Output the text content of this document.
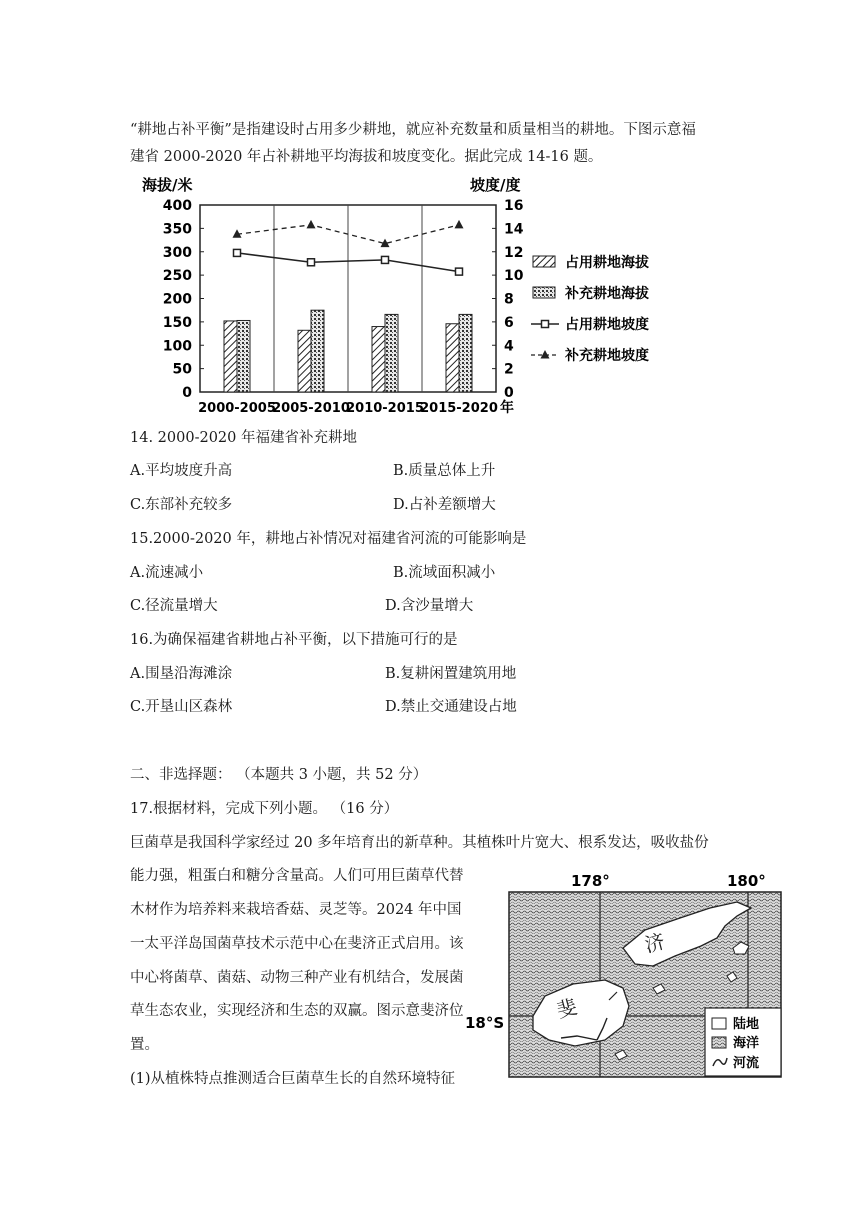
“耕地占补平衡”是指建设时占用多少耕地，就应补充数量和质量相当的耕地。下图示意福
建省 2000-2020 年占补耕地平均海拔和坡度变化。据此完成 14-16 题。
海拔/米	坡度/度
0
50
100
150
200
250
300
350
400
0
2
4
6
8
10
12
14
16
2000-2005
2005-2010
2010-2015
2015-2020 年
占用耕地海拔
补充耕地海拔
占用耕地坡度
补充耕地坡度
14. 2000-2020 年福建省补充耕地
A.平均坡度升高	B.质量总体上升
C.东部补充较多	D.占补差额增大
15.2000-2020 年，耕地占补情况对福建省河流的可能影响是
A.流速减小	B.流域面积减小
C.径流量增大	D.含沙量增大
16.为确保福建省耕地占补平衡，以下措施可行的是
A.围垦沿海滩涂	B.复耕闲置建筑用地
C.开垦山区森林	D.禁止交通建设占地
二、非选择题： （本题共 3 小题，共 52 分）
17.根据材料，完成下列小题。 （16 分）
巨菌草是我国科学家经过 20 多年培育出的新草种。其植株叶片宽大、根系发达，吸收盐份
能力强，粗蛋白和糖分含量高。人们可用巨菌草代替
木材作为培养料来栽培香菇、灵芝等。2024 年中国
一太平洋岛国菌草技术示范中心在斐济正式启用。该
中心将菌草、菌菇、动物三种产业有机结合，发展菌
草生态农业，实现经济和生态的双赢。图示意斐济位
置。
(1)从植株特点推测适合巨菌草生长的自然环境特征
178°	180°
18°S
斐
济
陆地
海洋
河流
